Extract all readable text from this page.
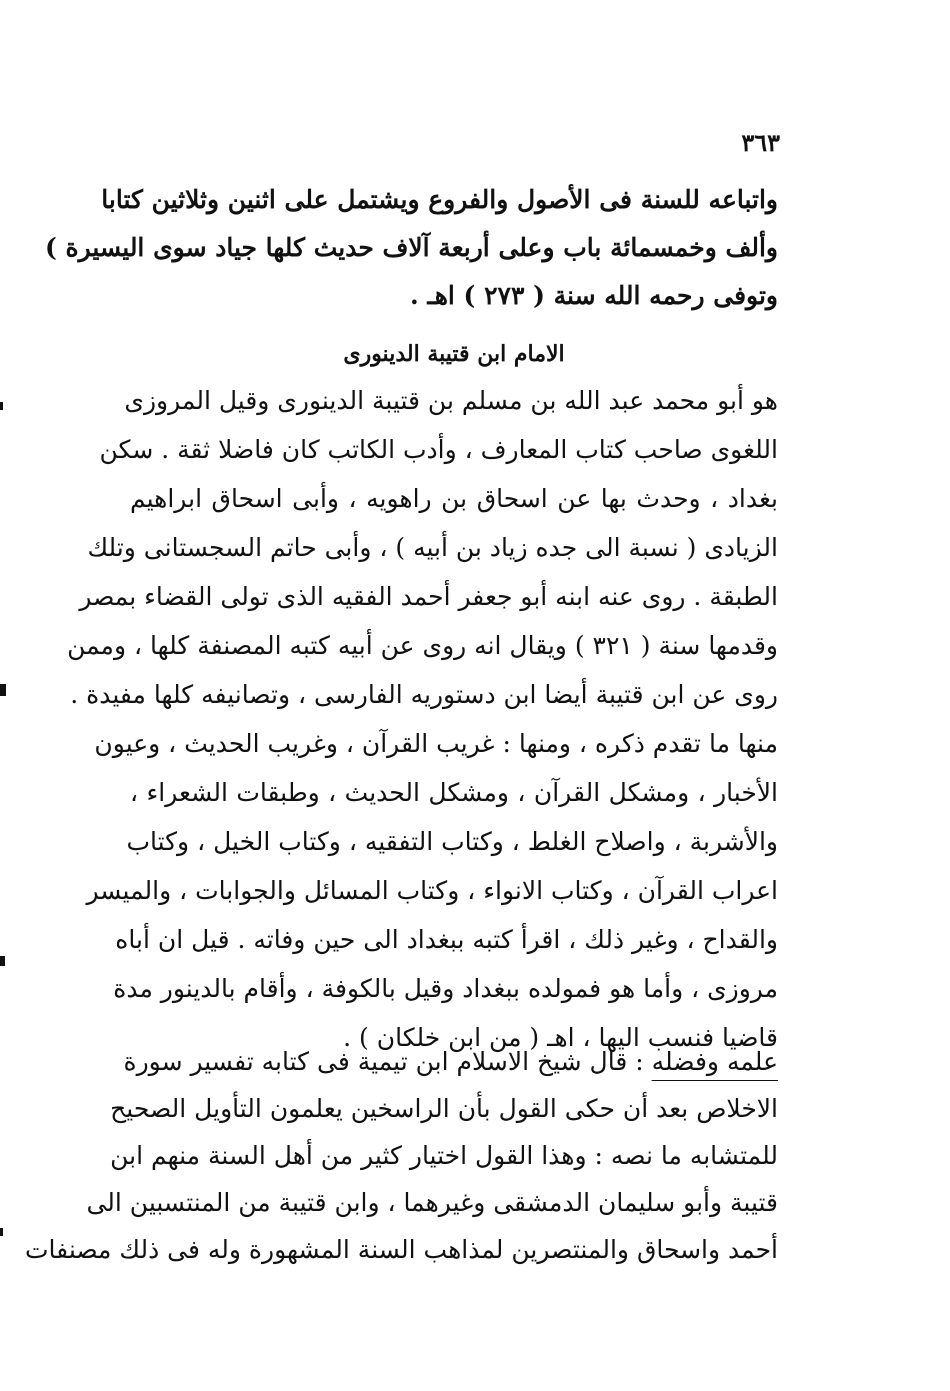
٣٦٣
واتباعه للسنة فى الأصول والفروع ويشتمل على اثنين وثلاثين كتابا
وألف وخمسمائة باب وعلى أربعة آلاف حديث كلها جياد سوى اليسيرة )
وتوفى رحمه الله سنة ( ٢٧٣ ) اهـ .
الامام ابن قتيبة الدينورى
هو أبو محمد عبد الله بن مسلم بن قتيبة الدينورى وقيل المروزى
اللغوى صاحب كتاب المعارف ، وأدب الكاتب كان فاضلا ثقة . سكن
بغداد ، وحدث بها عن اسحاق بن راهويه ، وأبى اسحاق ابراهيم
الزيادى ( نسبة الى جده زياد بن أبيه ) ، وأبى حاتم السجستانى وتلك
الطبقة . روى عنه ابنه أبو جعفر أحمد الفقيه الذى تولى القضاء بمصر
وقدمها سنة ( ٣٢١ ) ويقال انه روى عن أبيه كتبه المصنفة كلها ، وممن
روى عن ابن قتيبة أيضا ابن دستوريه الفارسى ، وتصانيفه كلها مفيدة .
منها ما تقدم ذكره ، ومنها : غريب القرآن ، وغريب الحديث ، وعيون
الأخبار ، ومشكل القرآن ، ومشكل الحديث ، وطبقات الشعراء ،
والأشربة ، واصلاح الغلط ، وكتاب التفقيه ، وكتاب الخيل ، وكتاب
اعراب القرآن ، وكتاب الانواء ، وكتاب المسائل والجوابات ، والميسر
والقداح ، وغير ذلك ، اقرأ كتبه ببغداد الى حين وفاته . قيل ان أباه
مروزى ، وأما هو فمولده ببغداد وقيل بالكوفة ، وأقام بالدينور مدة
قاضيا فنسب اليها ، اهـ ( من ابن خلكان ) .
علمه وفضله : قال شيخ الاسلام ابن تيمية فى كتابه تفسير سورة
الاخلاص بعد أن حكى القول بأن الراسخين يعلمون التأويل الصحيح
للمتشابه ما نصه : وهذا القول اختيار كثير من أهل السنة منهم ابن
قتيبة وأبو سليمان الدمشقى وغيرهما ، وابن قتيبة من المنتسبين الى
أحمد واسحاق والمنتصرين لمذاهب السنة المشهورة وله فى ذلك مصنفات
